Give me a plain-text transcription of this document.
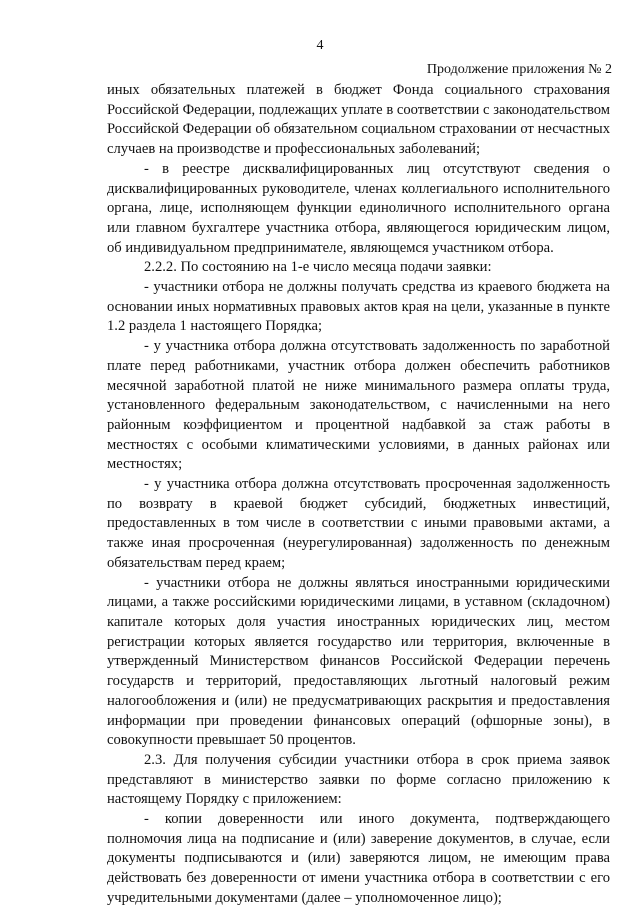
4
Продолжение приложения № 2

иных обязательных платежей в бюджет Фонда социального страхования Российской Федерации, подлежащих уплате в соответствии с законодательством Российской Федерации об обязательном социальном страховании от несчастных случаев на производстве и профессиональных заболеваний;

- в реестре дисквалифицированных лиц отсутствуют сведения о дисквалифицированных руководителе, членах коллегиального исполнительного органа, лице, исполняющем функции единоличного исполнительного органа или главном бухгалтере участника отбора, являющегося юридическим лицом, об индивидуальном предпринимателе, являющемся участником отбора.

2.2.2. По состоянию на 1-е число месяца подачи заявки:

- участники отбора не должны получать средства из краевого бюджета на основании иных нормативных правовых актов края на цели, указанные в пункте 1.2 раздела 1 настоящего Порядка;

- у участника отбора должна отсутствовать задолженность по заработной плате перед работниками, участник отбора должен обеспечить работников месячной заработной платой не ниже минимального размера оплаты труда, установленного федеральным законодательством, с начисленными на него районным коэффициентом и процентной надбавкой за стаж работы в местностях с особыми климатическими условиями, в данных районах или местностях;

- у участника отбора должна отсутствовать просроченная задолженность по возврату в краевой бюджет субсидий, бюджетных инвестиций, предоставленных в том числе в соответствии с иными правовыми актами, а также иная просроченная (неурегулированная) задолженность по денежным обязательствам перед краем;

- участники отбора не должны являться иностранными юридическими лицами, а также российскими юридическими лицами, в уставном (складочном) капитале которых доля участия иностранных юридических лиц, местом регистрации которых является государство или территория, включенные в утвержденный Министерством финансов Российской Федерации перечень государств и территорий, предоставляющих льготный налоговый режим налогообложения и (или) не предусматривающих раскрытия и предоставления информации при проведении финансовых операций (офшорные зоны), в совокупности превышает 50 процентов.

2.3. Для получения субсидии участники отбора в срок приема заявок представляют в министерство заявки по форме согласно приложению к настоящему Порядку с приложением:

- копии доверенности или иного документа, подтверждающего полномочия лица на подписание и (или) заверение документов, в случае, если документы подписываются и (или) заверяются лицом, не имеющим права действовать без доверенности от имени участника отбора в соответствии с его учредительными документами (далее – уполномоченное лицо);
